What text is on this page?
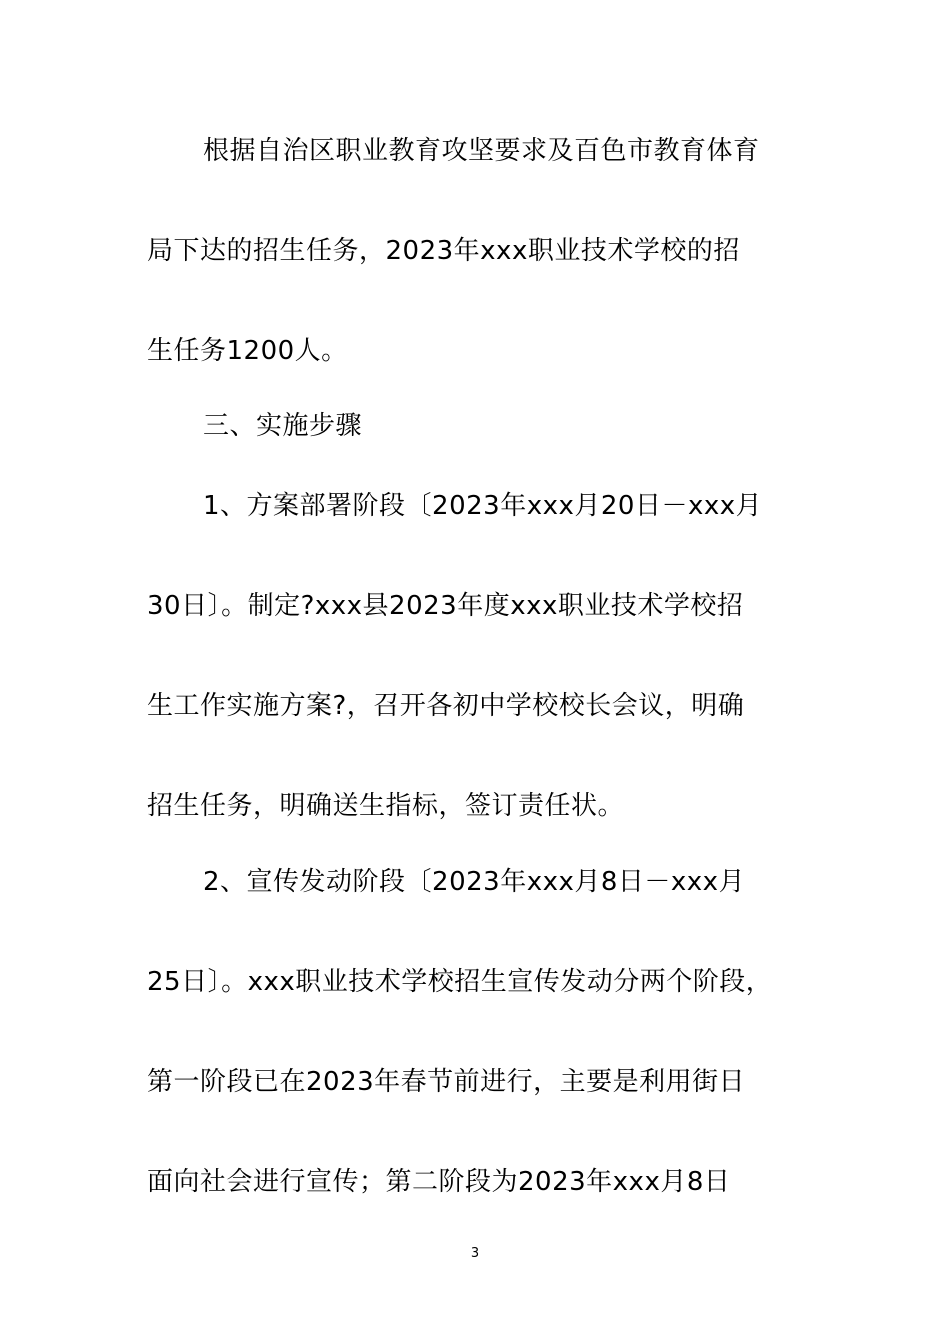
根据自治区职业教育攻坚要求及百色市教育体育
局下达的招生任务，2023年xxx职业技术学校的招
生任务1200人。
三、实施步骤
1、方案部署阶段〔2023年xxx月20日－xxx月
30日〕。制定?xxx县2023年度xxx职业技术学校招
生工作实施方案?，召开各初中学校校长会议，明确
招生任务，明确送生指标，签订责任状。
2、宣传发动阶段〔2023年xxx月8日－xxx月
25日〕。xxx职业技术学校招生宣传发动分两个阶段，
第一阶段已在2023年春节前进行，主要是利用街日
面向社会进行宣传；第二阶段为2023年xxx月8日
3
